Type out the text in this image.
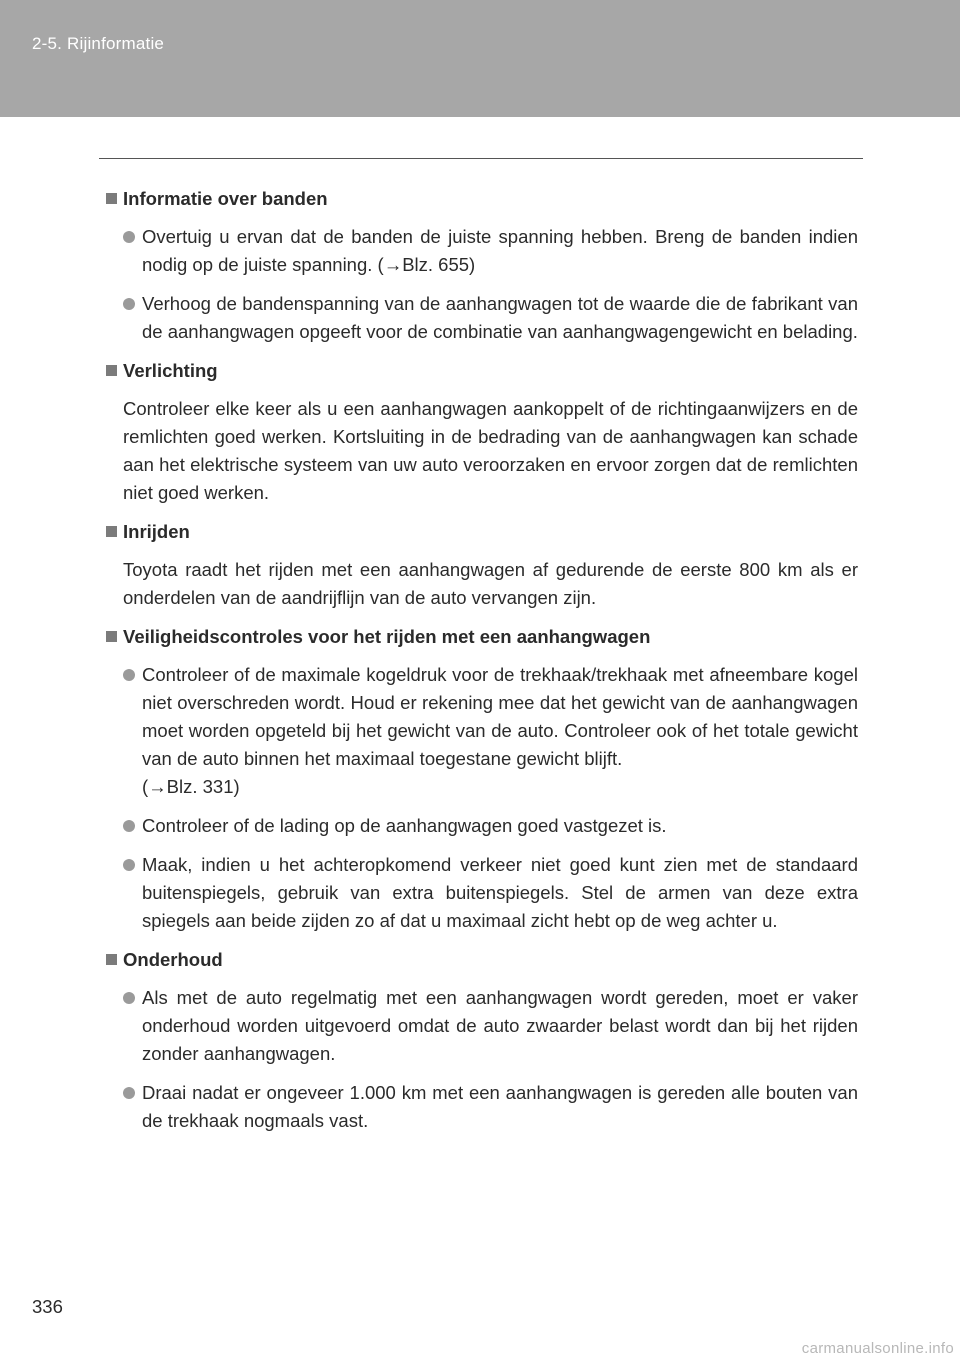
2-5. Rijinformatie
Informatie over banden
Overtuig u ervan dat de banden de juiste spanning hebben. Breng de banden indien nodig op de juiste spanning. (→Blz. 655)
Verhoog de bandenspanning van de aanhangwagen tot de waarde die de fabrikant van de aanhangwagen opgeeft voor de combinatie van aanhangwagengewicht en belading.
Verlichting
Controleer elke keer als u een aanhangwagen aankoppelt of de richtingaanwijzers en de remlichten goed werken. Kortsluiting in de bedrading van de aanhangwagen kan schade aan het elektrische systeem van uw auto veroorzaken en ervoor zorgen dat de remlichten niet goed werken.
Inrijden
Toyota raadt het rijden met een aanhangwagen af gedurende de eerste 800 km als er onderdelen van de aandrijflijn van de auto vervangen zijn.
Veiligheidscontroles voor het rijden met een aanhangwagen
Controleer of de maximale kogeldruk voor de trekhaak/trekhaak met afneembare kogel niet overschreden wordt. Houd er rekening mee dat het gewicht van de aanhangwagen moet worden opgeteld bij het gewicht van de auto. Controleer ook of het totale gewicht van de auto binnen het maximaal toegestane gewicht blijft.
(→Blz. 331)
Controleer of de lading op de aanhangwagen goed vastgezet is.
Maak, indien u het achteropkomend verkeer niet goed kunt zien met de standaard buitenspiegels, gebruik van extra buitenspiegels. Stel de armen van deze extra spiegels aan beide zijden zo af dat u maximaal zicht hebt op de weg achter u.
Onderhoud
Als met de auto regelmatig met een aanhangwagen wordt gereden, moet er vaker onderhoud worden uitgevoerd omdat de auto zwaarder belast wordt dan bij het rijden zonder aanhangwagen.
Draai nadat er ongeveer 1.000 km met een aanhangwagen is gereden alle bouten van de trekhaak nogmaals vast.
336
carmanualsonline.info
